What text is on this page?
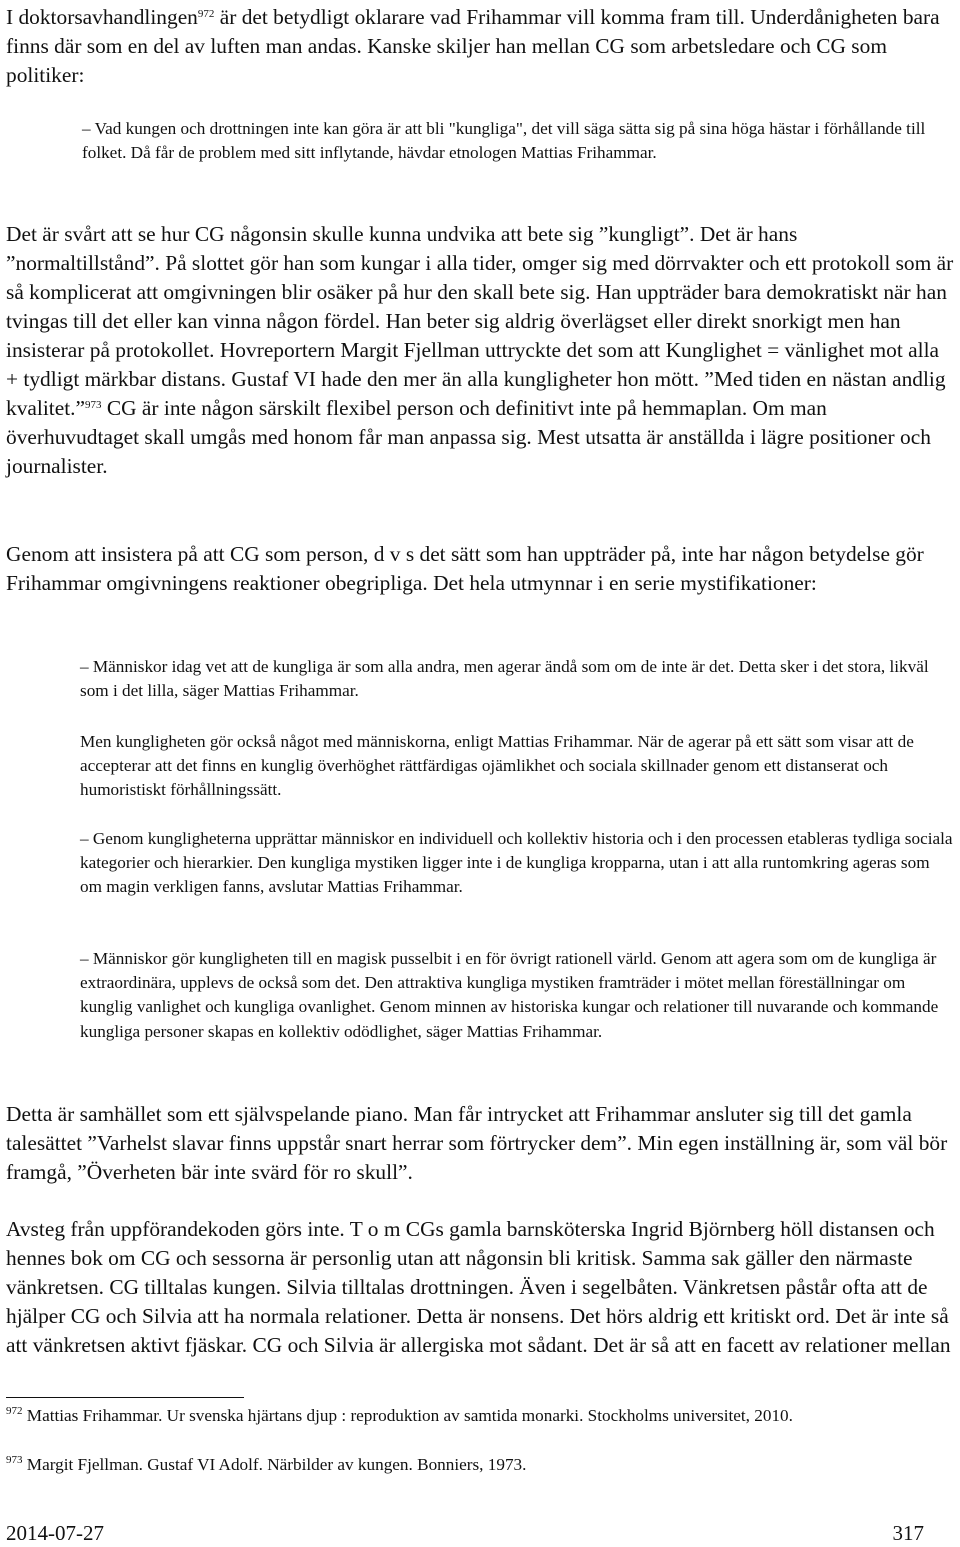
I doktorsavhandlingen$^{972}$ är det betydligt oklarare vad Frihammar vill komma fram till. Underdånigheten bara finns där som en del av luften man andas. Kanske skiljer han mellan CG som arbetsledare och CG som politiker:

– Vad kungen och drottningen inte kan göra är att bli "kungliga", det vill säga sätta sig på sina höga hästar i förhållande till folket. Då får de problem med sitt inflytande, hävdar etnologen Mattias Frihammar.

Det är svårt att se hur CG någonsin skulle kunna undvika att bete sig ”kungligt”. Det är hans ”normaltillstånd”. På slottet gör han som kungar i alla tider, omger sig med dörrvakter och ett protokoll som är så komplicerat att omgivningen blir osäker på hur den skall bete sig. Han uppträder bara demokratiskt när han tvingas till det eller kan vinna någon fördel. Han beter sig aldrig överlägset eller direkt snorkigt men han insisterar på protokollet. Hovreportern Margit Fjellman uttryckte det som att Kunglighet = vänlighet mot alla + tydligt märkbar distans. Gustaf VI hade den mer än alla kungligheter hon mött. ”Med tiden en nästan andlig kvalitet.”$^{973}$ CG är inte någon särskilt flexibel person och definitivt inte på hemmaplan. Om man överhuvudtaget skall umgås med honom får man anpassa sig. Mest utsatta är anställda i lägre positioner och journalister.

Genom att insistera på att CG som person, d v s det sätt som han uppträder på, inte har någon betydelse gör Frihammar omgivningens reaktioner obegripliga. Det hela utmynnar i en serie mystifikationer:

– Människor idag vet att de kungliga är som alla andra, men agerar ändå som om de inte är det. Detta sker i det stora, likväl som i det lilla, säger Mattias Frihammar.

Men kungligheten gör också något med människorna, enligt Mattias Frihammar. När de agerar på ett sätt som visar att de accepterar att det finns en kunglig överhöghet rättfärdigas ojämlikhet och sociala skillnader genom ett distanserat och humoristiskt förhållningssätt.

– Genom kungligheterna upprättar människor en individuell och kollektiv historia och i den processen etableras tydliga sociala kategorier och hierarkier. Den kungliga mystiken ligger inte i de kungliga kropparna, utan i att alla runtomkring ageras som om magin verkligen fanns, avslutar Mattias Frihammar.

– Människor gör kungligheten till en magisk pusselbit i en för övrigt rationell värld. Genom att agera som om de kungliga är extraordinära, upplevs de också som det. Den attraktiva kungliga mystiken framträder i mötet mellan föreställningar om kunglig vanlighet och kungliga ovanlighet. Genom minnen av historiska kungar och relationer till nuvarande och kommande kungliga personer skapas en kollektiv odödlighet, säger Mattias Frihammar.

Detta är samhället som ett självspelande piano. Man får intrycket att Frihammar ansluter sig till det gamla talesättet ”Varhelst slavar finns uppstår snart herrar som förtrycker dem”. Min egen inställning är, som väl bör framgå, ”Överheten bär inte svärd för ro skull”.

Avsteg från uppförandekoden görs inte. T o m CGs gamla barnsköterska Ingrid Björnberg höll distansen och hennes bok om CG och sessorna är personlig utan att någonsin bli kritisk. Samma sak gäller den närmaste vänkretsen. CG tilltalas kungen. Silvia tilltalas drottningen. Även i segelbåten. Vänkretsen påstår ofta att de hjälper CG och Silvia att ha normala relationer. Detta är nonsens. Det hörs aldrig ett kritiskt ord. Det är inte så att vänkretsen aktivt fjäskar. CG och Silvia är allergiska mot sådant. Det är så att en facett av relationer mellan

$^{972}$ Mattias Frihammar. Ur svenska hjärtans djup : reproduktion av samtida monarki. Stockholms universitet, 2010.

$^{973}$ Margit Fjellman. Gustaf VI Adolf. Närbilder av kungen. Bonniers, 1973.

2014-07-27	317
